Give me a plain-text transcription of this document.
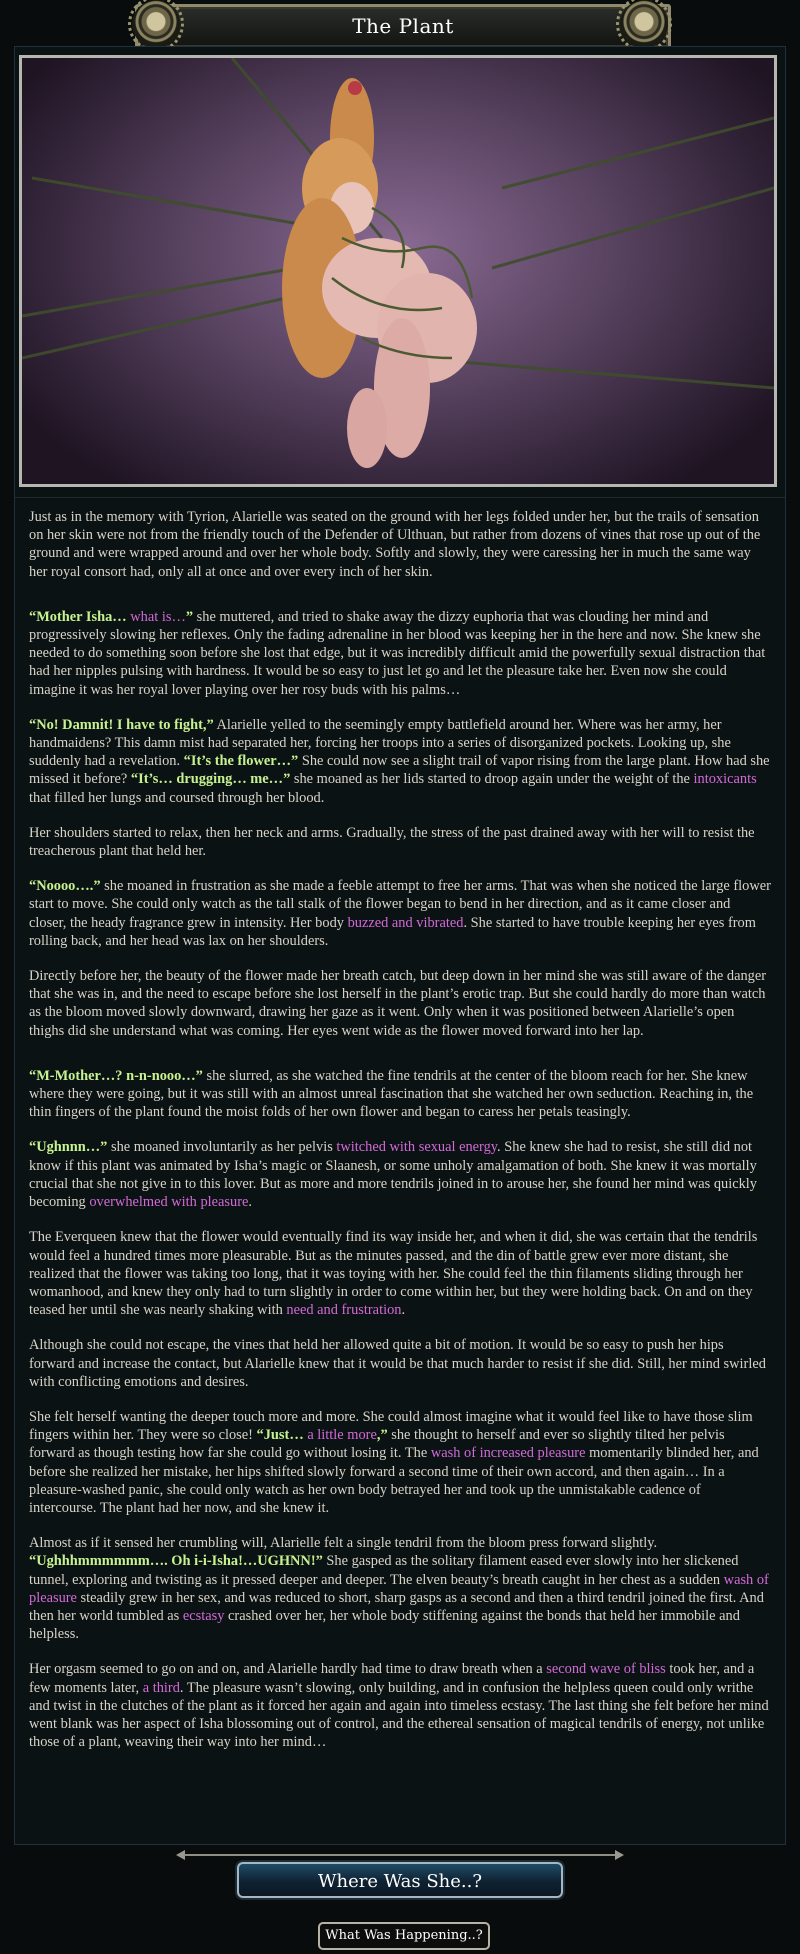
The Plant

Just as in the memory with Tyrion, Alarielle was seated on the ground with her legs folded under her, but the trails of sensation on her skin were not from the friendly touch of the Defender of Ulthuan, but rather from dozens of vines that rose up out of the ground and were wrapped around and over her whole body. Softly and slowly, they were caressing her in much the same way her royal consort had, only all at once and over every inch of her skin.

“Mother Isha… what is…” she muttered, and tried to shake away the dizzy euphoria that was clouding her mind and progressively slowing her reflexes. Only the fading adrenaline in her blood was keeping her in the here and now. She knew she needed to do something soon before she lost that edge, but it was incredibly difficult amid the powerfully sexual distraction that had her nipples pulsing with hardness. It would be so easy to just let go and let the pleasure take her. Even now she could imagine it was her royal lover playing over her rosy buds with his palms…

“No! Damnit! I have to fight,” Alarielle yelled to the seemingly empty battlefield around her. Where was her army, her handmaidens? This damn mist had separated her, forcing her troops into a series of disorganized pockets. Looking up, she suddenly had a revelation. “It’s the flower…” She could now see a slight trail of vapor rising from the large plant. How had she missed it before? “It’s… drugging… me…” she moaned as her lids started to droop again under the weight of the intoxicants that filled her lungs and coursed through her blood.

Her shoulders started to relax, then her neck and arms. Gradually, the stress of the past drained away with her will to resist the treacherous plant that held her.

“Noooo….” she moaned in frustration as she made a feeble attempt to free her arms. That was when she noticed the large flower start to move. She could only watch as the tall stalk of the flower began to bend in her direction, and as it came closer and closer, the heady fragrance grew in intensity. Her body buzzed and vibrated. She started to have trouble keeping her eyes from rolling back, and her head was lax on her shoulders.

Directly before her, the beauty of the flower made her breath catch, but deep down in her mind she was still aware of the danger that she was in, and the need to escape before she lost herself in the plant’s erotic trap. But she could hardly do more than watch as the bloom moved slowly downward, drawing her gaze as it went. Only when it was positioned between Alarielle’s open thighs did she understand what was coming. Her eyes went wide as the flower moved forward into her lap.

“M-Mother…? n-n-nooo…” she slurred, as she watched the fine tendrils at the center of the bloom reach for her. She knew where they were going, but it was still with an almost unreal fascination that she watched her own seduction. Reaching in, the thin fingers of the plant found the moist folds of her own flower and began to caress her petals teasingly.

“Ughnnn…” she moaned involuntarily as her pelvis twitched with sexual energy. She knew she had to resist, she still did not know if this plant was animated by Isha’s magic or Slaanesh, or some unholy amalgamation of both. She knew it was mortally crucial that she not give in to this lover. But as more and more tendrils joined in to arouse her, she found her mind was quickly becoming overwhelmed with pleasure.

The Everqueen knew that the flower would eventually find its way inside her, and when it did, she was certain that the tendrils would feel a hundred times more pleasurable. But as the minutes passed, and the din of battle grew ever more distant, she realized that the flower was taking too long, that it was toying with her. She could feel the thin filaments sliding through her womanhood, and knew they only had to turn slightly in order to come within her, but they were holding back. On and on they teased her until she was nearly shaking with need and frustration.

Although she could not escape, the vines that held her allowed quite a bit of motion. It would be so easy to push her hips forward and increase the contact, but Alarielle knew that it would be that much harder to resist if she did. Still, her mind swirled with conflicting emotions and desires.

She felt herself wanting the deeper touch more and more. She could almost imagine what it would feel like to have those slim fingers within her. They were so close! “Just… a little more,” she thought to herself and ever so slightly tilted her pelvis forward as though testing how far she could go without losing it. The wash of increased pleasure momentarily blinded her, and before she realized her mistake, her hips shifted slowly forward a second time of their own accord, and then again… In a pleasure-washed panic, she could only watch as her own body betrayed her and took up the unmistakable cadence of intercourse. The plant had her now, and she knew it.

Almost as if it sensed her crumbling will, Alarielle felt a single tendril from the bloom press forward slightly. “Ughhhmmmmmm…. Oh i-i-Isha!…UGHNN!” She gasped as the solitary filament eased ever slowly into her slickened tunnel, exploring and twisting as it pressed deeper and deeper. The elven beauty’s breath caught in her chest as a sudden wash of pleasure steadily grew in her sex, and was reduced to short, sharp gasps as a second and then a third tendril joined the first. And then her world tumbled as ecstasy crashed over her, her whole body stiffening against the bonds that held her immobile and helpless.

Her orgasm seemed to go on and on, and Alarielle hardly had time to draw breath when a second wave of bliss took her, and a few moments later, a third. The pleasure wasn’t slowing, only building, and in confusion the helpless queen could only writhe and twist in the clutches of the plant as it forced her again and again into timeless ecstasy. The last thing she felt before her mind went blank was her aspect of Isha blossoming out of control, and the ethereal sensation of magical tendrils of energy, not unlike those of a plant, weaving their way into her mind…

Where Was She..?
What Was Happening..?
